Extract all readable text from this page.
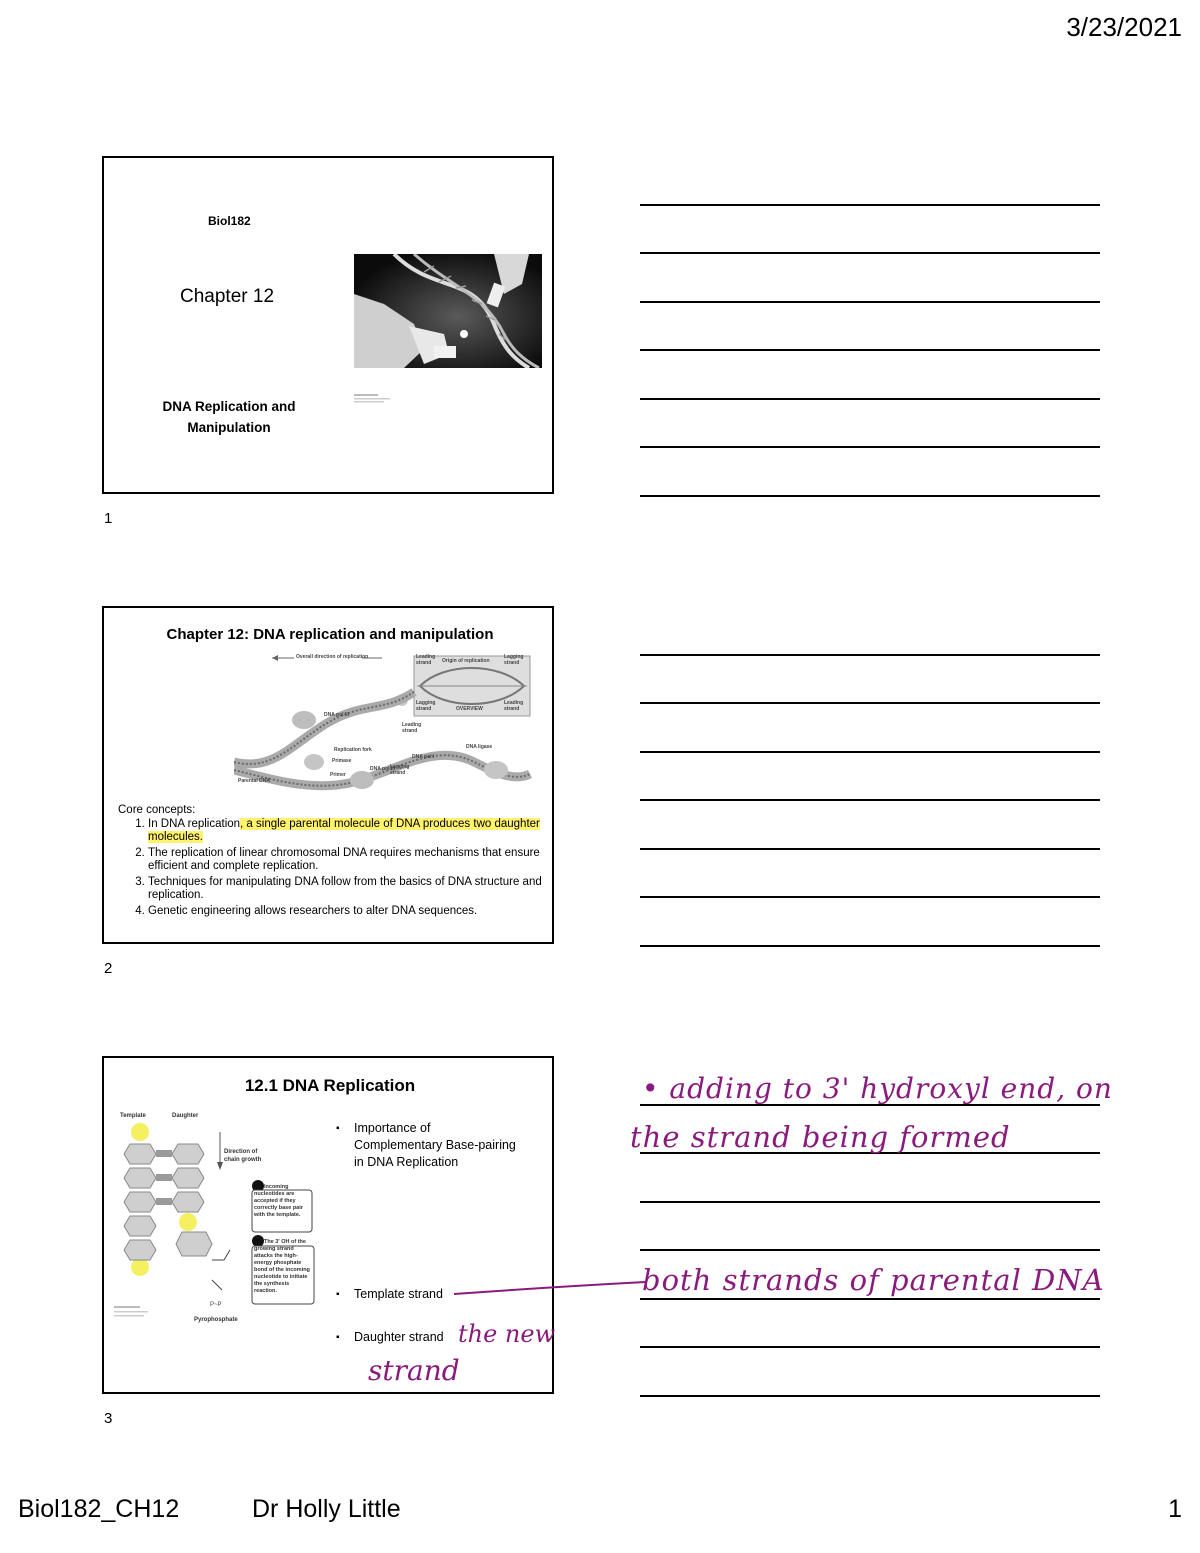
3/23/2021
Biol182
Chapter 12
DNA Replication and
Manipulation
1
Chapter 12: DNA replication and manipulation
Overall direction of replication	Leading strand	Origin of replication
Lagging strand
Lagging strand	OVERVIEW
Leading strand
DNA pol III
Leading strand
Replication fork
Primase
Primer
DNA pol III
Lagging strand
DNA pol I
DNA ligase
Parental DNA
Core concepts:
1. In DNA replication, a single parental molecule of DNA produces two daughter molecules.
2. The replication of linear chromosomal DNA requires mechanisms that ensure efficient and complete replication.
3. Techniques for manipulating DNA follow from the basics of DNA structure and replication.
4. Genetic engineering allows researchers to alter DNA sequences.
2
12.1 DNA Replication
P~P
Template	Daughter
Direction of chain growth
Incoming nucleotides are accepted if they correctly base pair with the template.
The 3' OH of the growing strand attacks the high-energy phosphate bond of the incoming nucleotide to initiate the synthesis reaction.
Pyrophosphate
▪ Importance of Complementary Base-pairing in DNA Replication
▪ Template strand
▪ Daughter strand
3
• adding to 3' hydroxyl end, on
the strand being formed
both strands of parental DNA
the new
strand
Biol182_CH12	Dr Holly Little	1
